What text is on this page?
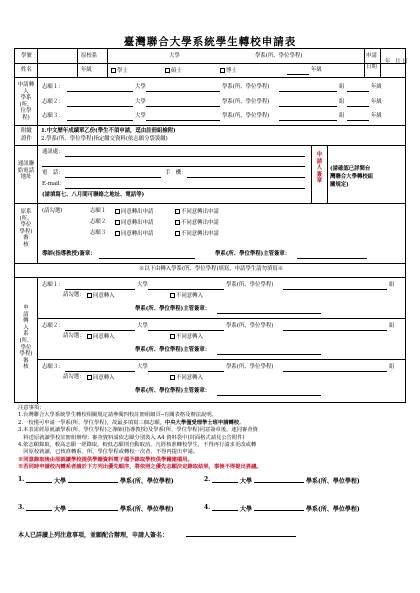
臺灣聯合大學系統學生轉校申請表
學號	原校系	大學	學系(所、學位學程)	申請
日期
年 月 日
姓名	年級	學士	碩士	博士	年級
申請轉入
學系
(所、
位學
程)
志願１：	大學	學系(所、學位學程)	組	年級
志願２：	大學	學系(所、學位學程)	組	年級
志願３：	大學	學系(所、學位學程)	組	年級
附繳
證件
1.中文歷年成績單乙份(學生不須申請，逕由註冊組檢附)
2.學系(所、學位學程)指定繳交資料(依志願分袋裝繳)
通訊聯
絡電話
地址
通訊處：
電　話：	手　機：
E-mail：
(請填寫七、八月間可聯絡之地址、電話等)
申
請
人
簽
章
(請確認已詳閱台
灣聯合大學轉校組
關規定)
原系
(所、
學位
學程)
審
核
(請勾選)	志願１	同意轉出申請	不同意轉出申請
志願２	同意轉出申請	不同意轉出申請
志願３	同意轉出申請	不同意轉出申請
導師(指導教授)簽章：	學系(所、學位學程)主管簽章：
※以下由轉入學系(所、學位學程)填寫，申請學生請勿填寫※
申
請
轉
入
系
(所、
學位
學程)
審
核
志願１：	大學	學系(所、學位學程)	組
請勾選：	同意轉入	不同意轉入
學系(所、學位學程)主管簽章：
志願２：	大學	學系(所、學位學程)	組
請勾選：	同意轉入	不同意轉入
學系(所、學位學程)主管簽章：
志願３：	大學	學系(所、學位學程)	組
請勾選：	同意轉入	不同意轉入
學系(所、學位學程)主管簽章：
注意事項：
1.台灣聯合大學系統學生轉校相關規定請參閱四校註冊組網頁─有關表格及辦法說明。
2.一校僅可申請一學系(所、學位學程)，故最多填寫三個志願，中央大學僅受理學士班申請轉校。
3.本表需經原就讀學系(所、學位學程)之導師(指導教授)及學系(所、學位學程)同意簽章後，連同審查資
　料送原就讀學校註冊組辦理；審查資料請依志願分別裝入 A4 資料袋中(封面格式請見公告附件)
4.依志願錄取，較高志願一經錄取，較低志願則自動取消，凡經核准轉校學生，不得再行請求更改或轉
　回原校就讀，已核准轉系、所、學位學程或轉校一次者，不得再提出申請。
※同意錄取後由原就讀學校提供學籍資料電子檔予錄取學校供學籍建檔用。
※若同時申請校內轉系者請於下方列出優先順序，將依照之優先志願決定錄取結果，事後不得提出異議。
1.	大學	學系(所、學位學程)	2.	大學	學系(所、學位學程)
3.	大學	學系(所、學位學程)	4.	大學	學系(所、學位學程)
本人已詳讀上列注意事項，並願配合辦理，申請人簽名：
